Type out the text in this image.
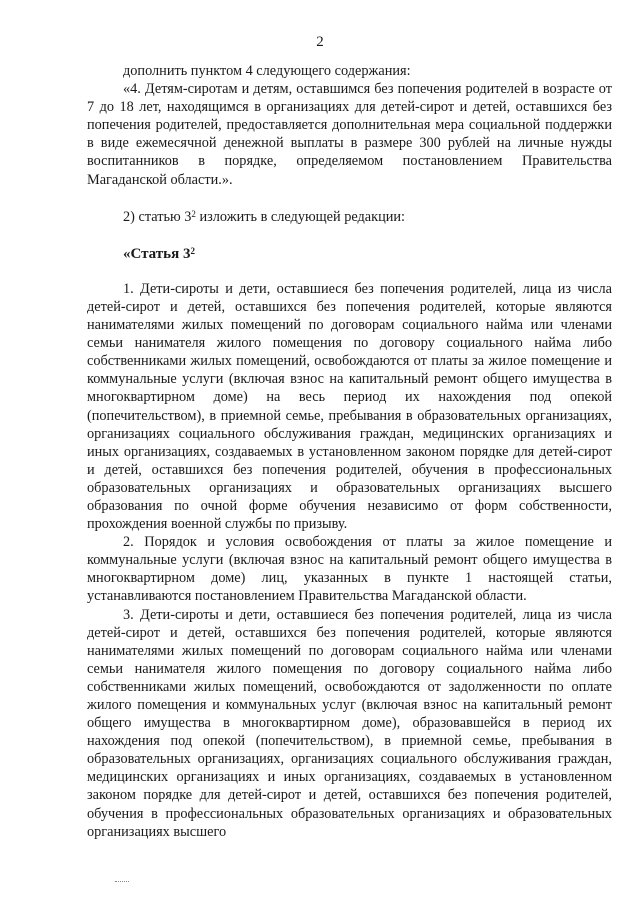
2

дополнить пунктом 4 следующего содержания:

«4. Детям-сиротам и детям, оставшимся без попечения родителей в возрасте от 7 до 18 лет, находящимся в организациях для детей-сирот и детей, оставшихся без попечения родителей, предоставляется дополнительная мера социальной поддержки в виде ежемесячной денежной выплаты в размере 300 рублей на личные нужды воспитанников в порядке, определяемом постановлением Правительства Магаданской области.».

2) статью $3^2$ изложить в следующей редакции:

«Статья $3^2$

1. Дети-сироты и дети, оставшиеся без попечения родителей, лица из числа детей-сирот и детей, оставшихся без попечения родителей, которые являются нанимателями жилых помещений по договорам социального найма или членами семьи нанимателя жилого помещения по договору социального найма либо собственниками жилых помещений, освобождаются от платы за жилое помещение и коммунальные услуги (включая взнос на капитальный ремонт общего имущества в многоквартирном доме) на весь период их нахождения под опекой (попечительством), в приемной семье, пребывания в образовательных организациях, организациях социального обслуживания граждан, медицинских организациях и иных организациях, создаваемых в установленном законом порядке для детей-сирот и детей, оставшихся без попечения родителей, обучения в профессиональных образовательных организациях и образовательных организациях высшего образования по очной форме обучения независимо от форм собственности, прохождения военной службы по призыву.

2. Порядок и условия освобождения от платы за жилое помещение и коммунальные услуги (включая взнос на капитальный ремонт общего имущества в многоквартирном доме) лиц, указанных в пункте 1 настоящей статьи, устанавливаются постановлением Правительства Магаданской области.

3. Дети-сироты и дети, оставшиеся без попечения родителей, лица из числа детей-сирот и детей, оставшихся без попечения родителей, которые являются нанимателями жилых помещений по договорам социального найма или членами семьи нанимателя жилого помещения по договору социального найма либо собственниками жилых помещений, освобождаются от задолженности по оплате жилого помещения и коммунальных услуг (включая взнос на капитальный ремонт общего имущества в многоквартирном доме), образовавшейся в период их нахождения под опекой (попечительством), в приемной семье, пребывания в образовательных организациях, организациях социального обслуживания граждан, медицинских организациях и иных организациях, создаваемых в установленном законом порядке для детей-сирот и детей, оставшихся без попечения родителей, обучения в профессиональных образовательных организациях и образовательных организациях высшего
